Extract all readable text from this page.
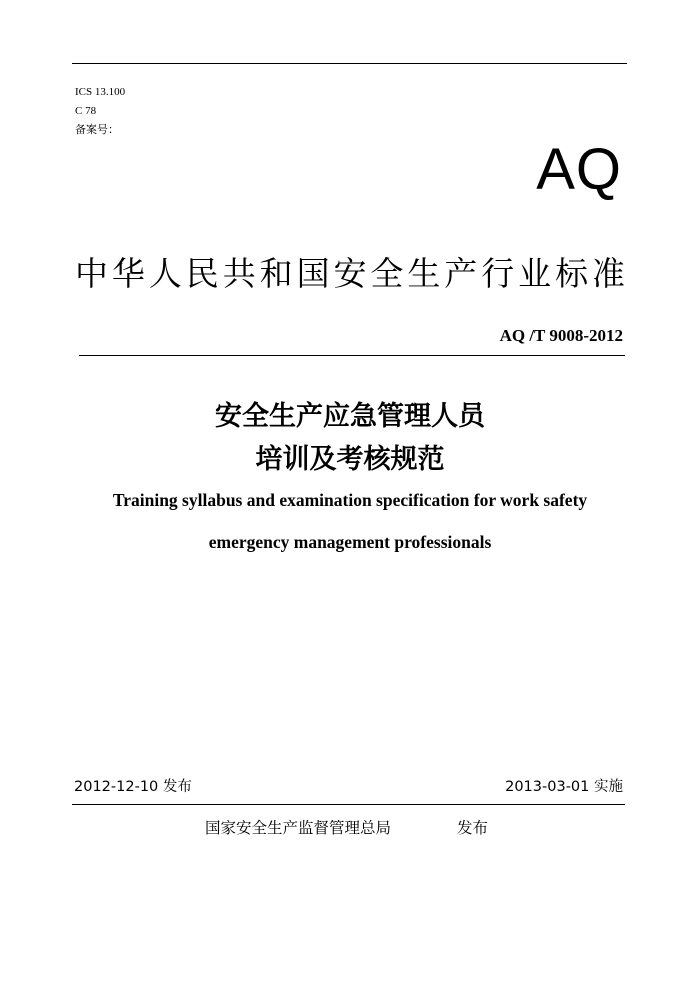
ICS 13.100
C 78
备案号：
AQ
中华人民共和国安全生产行业标准
AQ /T 9008-2012
安全生产应急管理人员
培训及考核规范
Training syllabus and examination specification for work safety
emergency management professionals
2012-12-10 发布	2013-03-01 实施
国家安全生产监督管理总局	发布
